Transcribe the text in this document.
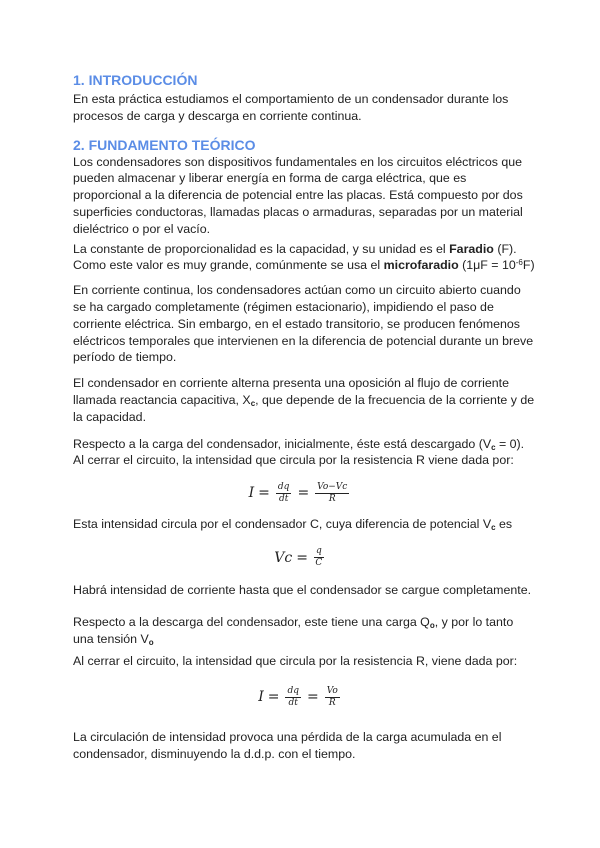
1. INTRODUCCIÓN
En esta práctica estudiamos el comportamiento de un condensador durante los procesos de carga y descarga en corriente continua.
2. FUNDAMENTO TEÓRICO
Los condensadores son dispositivos fundamentales en los circuitos eléctricos que pueden almacenar y liberar energía en forma de carga eléctrica, que es proporcional a la diferencia de potencial entre las placas. Está compuesto por dos superficies conductoras, llamadas placas o armaduras, separadas por un material dieléctrico o por el vacío.
La constante de proporcionalidad es la capacidad, y su unidad es el Faradio (F). Como este valor es muy grande, comúnmente se usa el microfaradio $(1\mu F = 10^{-6}F)$
En corriente continua, los condensadores actúan como un circuito abierto cuando se ha cargado completamente (régimen estacionario), impidiendo el paso de corriente eléctrica. Sin embargo, en el estado transitorio, se producen fenómenos eléctricos temporales que intervienen en la diferencia de potencial durante un breve período de tiempo.
El condensador en corriente alterna presenta una oposición al flujo de corriente llamada reactancia capacitiva, $X_c$, que depende de la frecuencia de la corriente y de la capacidad.
Respecto a la carga del condensador, inicialmente, éste está descargado $(V_c = 0)$. Al cerrar el circuito, la intensidad que circula por la resistencia R viene dada por:
$I = \frac{dq}{dt} = \frac{Vo-Vc}{R}$
Esta intensidad circula por el condensador C, cuya diferencia de potencial $V_c$ es
$Vc = \frac{q}{C}$
Habrá intensidad de corriente hasta que el condensador se cargue completamente.
Respecto a la descarga del condensador, este tiene una carga $Q_o$, y por lo tanto una tensión $V_o$
Al cerrar el circuito, la intensidad que circula por la resistencia R, viene dada por:
$I = \frac{dq}{dt} = \frac{Vo}{R}$
La circulación de intensidad provoca una pérdida de la carga acumulada en el condensador, disminuyendo la d.d.p. con el tiempo.
